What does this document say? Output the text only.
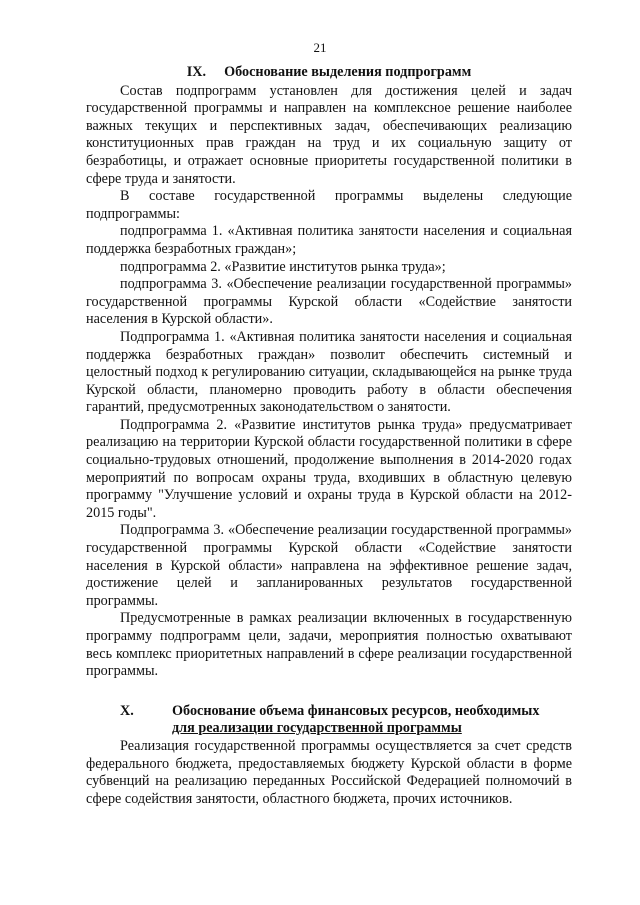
21
IX. Обоснование выделения подпрограмм

Состав подпрограмм установлен для достижения целей и задач государственной программы и направлен на комплексное решение наиболее важных текущих и перспективных задач, обеспечивающих реализацию конституционных прав граждан на труд и их социальную защиту от безработицы, и отражает основные приоритеты государственной политики в сфере труда и занятости.

В составе государственной программы выделены следующие подпрограммы:

подпрограмма 1. «Активная политика занятости населения и социальная поддержка безработных граждан»;

подпрограмма 2. «Развитие институтов рынка труда»;

подпрограмма 3. «Обеспечение реализации государственной программы» государственной программы Курской области «Содействие занятости населения в Курской области».

Подпрограмма 1. «Активная политика занятости населения и социальная поддержка безработных граждан» позволит обеспечить системный и целостный подход к регулированию ситуации, складывающейся на рынке труда Курской области, планомерно проводить работу в области обеспечения гарантий, предусмотренных законодательством о занятости.

Подпрограмма 2. «Развитие институтов рынка труда» предусматривает реализацию на территории Курской области государственной политики в сфере социально-трудовых отношений, продолжение выполнения в 2014-2020 годах мероприятий по вопросам охраны труда, входивших в областную целевую программу "Улучшение условий и охраны труда в Курской области на 2012-2015 годы".

Подпрограмма 3. «Обеспечение реализации государственной программы» государственной программы Курской области «Содействие занятости населения в Курской области» направлена на эффективное решение задач, достижение целей и запланированных результатов государственной программы.

Предусмотренные в рамках реализации включенных в государственную программу подпрограмм цели, задачи, мероприятия полностью охватывают весь комплекс приоритетных направлений в сфере реализации государственной программы.

X.	Обоснование объема финансовых ресурсов, необходимых
для реализации государственной программы

Реализация государственной программы осуществляется за счет средств федерального бюджета, предоставляемых бюджету Курской области в форме субвенций на реализацию переданных Российской Федерацией полномочий в сфере содействия занятости, областного бюджета, прочих источников.
